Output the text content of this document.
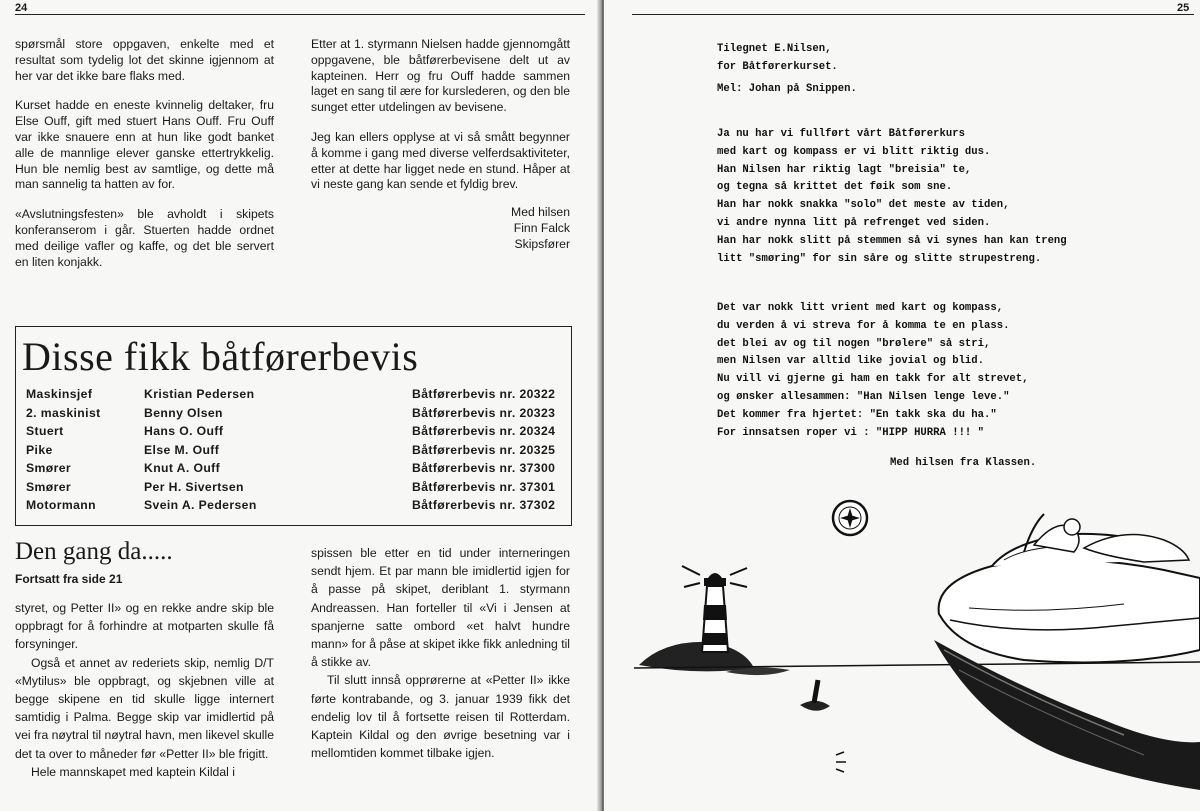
24

spørsmål store oppgaven, enkelte med et resultat som tydelig lot det skinne igjennom at her var det ikke bare flaks med.

Kurset hadde en eneste kvinnelig deltaker, fru Else Ouff, gift med stuert Hans Ouff. Fru Ouff var ikke snauere enn at hun like godt banket alle de mannlige elever ganske ettertrykkelig. Hun ble nemlig best av samtlige, og dette må man sannelig ta hatten av for.

«Avslutningsfesten» ble avholdt i skipets konferanserom i går. Stuerten hadde ordnet med deilige vafler og kaffe, og det ble servert en liten konjakk.

Etter at 1. styrmann Nielsen hadde gjennomgått oppgavene, ble båtførerbevisene delt ut av kapteinen. Herr og fru Ouff hadde sammen laget en sang til ære for kurslederen, og den ble sunget etter utdelingen av bevisene.

Jeg kan ellers opplyse at vi så smått begynner å komme i gang med diverse velferdsaktiviteter, etter at dette har ligget nede en stund. Håper at vi neste gang kan sende et fyldig brev.

Med hilsen
Finn Falck
Skipsfører
Disse fikk båtførerbevis
Maskinsjef	Kristian Pedersen	Båtførerbevis nr. 20322
2. maskinist	Benny Olsen	Båtførerbevis nr. 20323
Stuert	Hans O. Ouff	Båtførerbevis nr. 20324
Pike	Else M. Ouff	Båtførerbevis nr. 20325
Smører	Knut A. Ouff	Båtførerbevis nr. 37300
Smører	Per H. Sivertsen	Båtførerbevis nr. 37301
Motormann	Svein A. Pedersen	Båtførerbevis nr. 37302
Den gang da.....
Fortsatt fra side 21

styret, og Petter II» og en rekke andre skip ble oppbragt for å forhindre at motparten skulle få forsyninger.

Også et annet av rederiets skip, nemlig D/T «Mytilus» ble oppbragt, og skjebnen ville at begge skipene en tid skulle ligge internert samtidig i Palma. Begge skip var imidlertid på vei fra nøytral til nøytral havn, men likevel skulle det ta over to måneder før «Petter II» ble frigitt.

Hele mannskapet med kaptein Kildal i

spissen ble etter en tid under interneringen sendt hjem. Et par mann ble imidlertid igjen for å passe på skipet, deriblant 1. styrmann Andreassen. Han forteller til «Vi i Jensen at spanjerne satte ombord «et halvt hundre mann» for å påse at skipet ikke fikk anledning til å stikke av.

Til slutt innså opprørerne at «Petter II» ikke førte kontrabande, og 3. januar 1939 fikk det endelig lov til å fortsette reisen til Rotterdam. Kaptein Kildal og den øvrige besetning var i mellomtiden kommet tilbake igjen.

25
Tilegnet E.Nilsen,
for Båtførerkurset.
Mel: Johan på Snippen.
Ja nu har vi fullført vårt Båtførerkurs
med kart og kompass er vi blitt riktig dus.
Han Nilsen har riktig lagt "breisia" te,
og tegna så krittet det føik som sne.
Han har nokk snakka "solo" det meste av tiden,
vi andre nynna litt på refrenget ved siden.
Han har nokk slitt på stemmen så vi synes han kan treng
litt "smøring" for sin såre og slitte strupestreng.
Det var nokk litt vrient med kart og kompass,
du verden å vi streva for å komma te en plass.
det blei av og til nogen "brølere" så stri,
men Nilsen var alltid like jovial og blid.
Nu vill vi gjerne gi ham en takk for alt strevet,
og ønsker allesammen: "Han Nilsen lenge leve."
Det kommer fra hjertet: "En takk ska du ha."
For innsatsen roper vi : "HIPP HURRA !!! "
Med hilsen fra Klassen.
